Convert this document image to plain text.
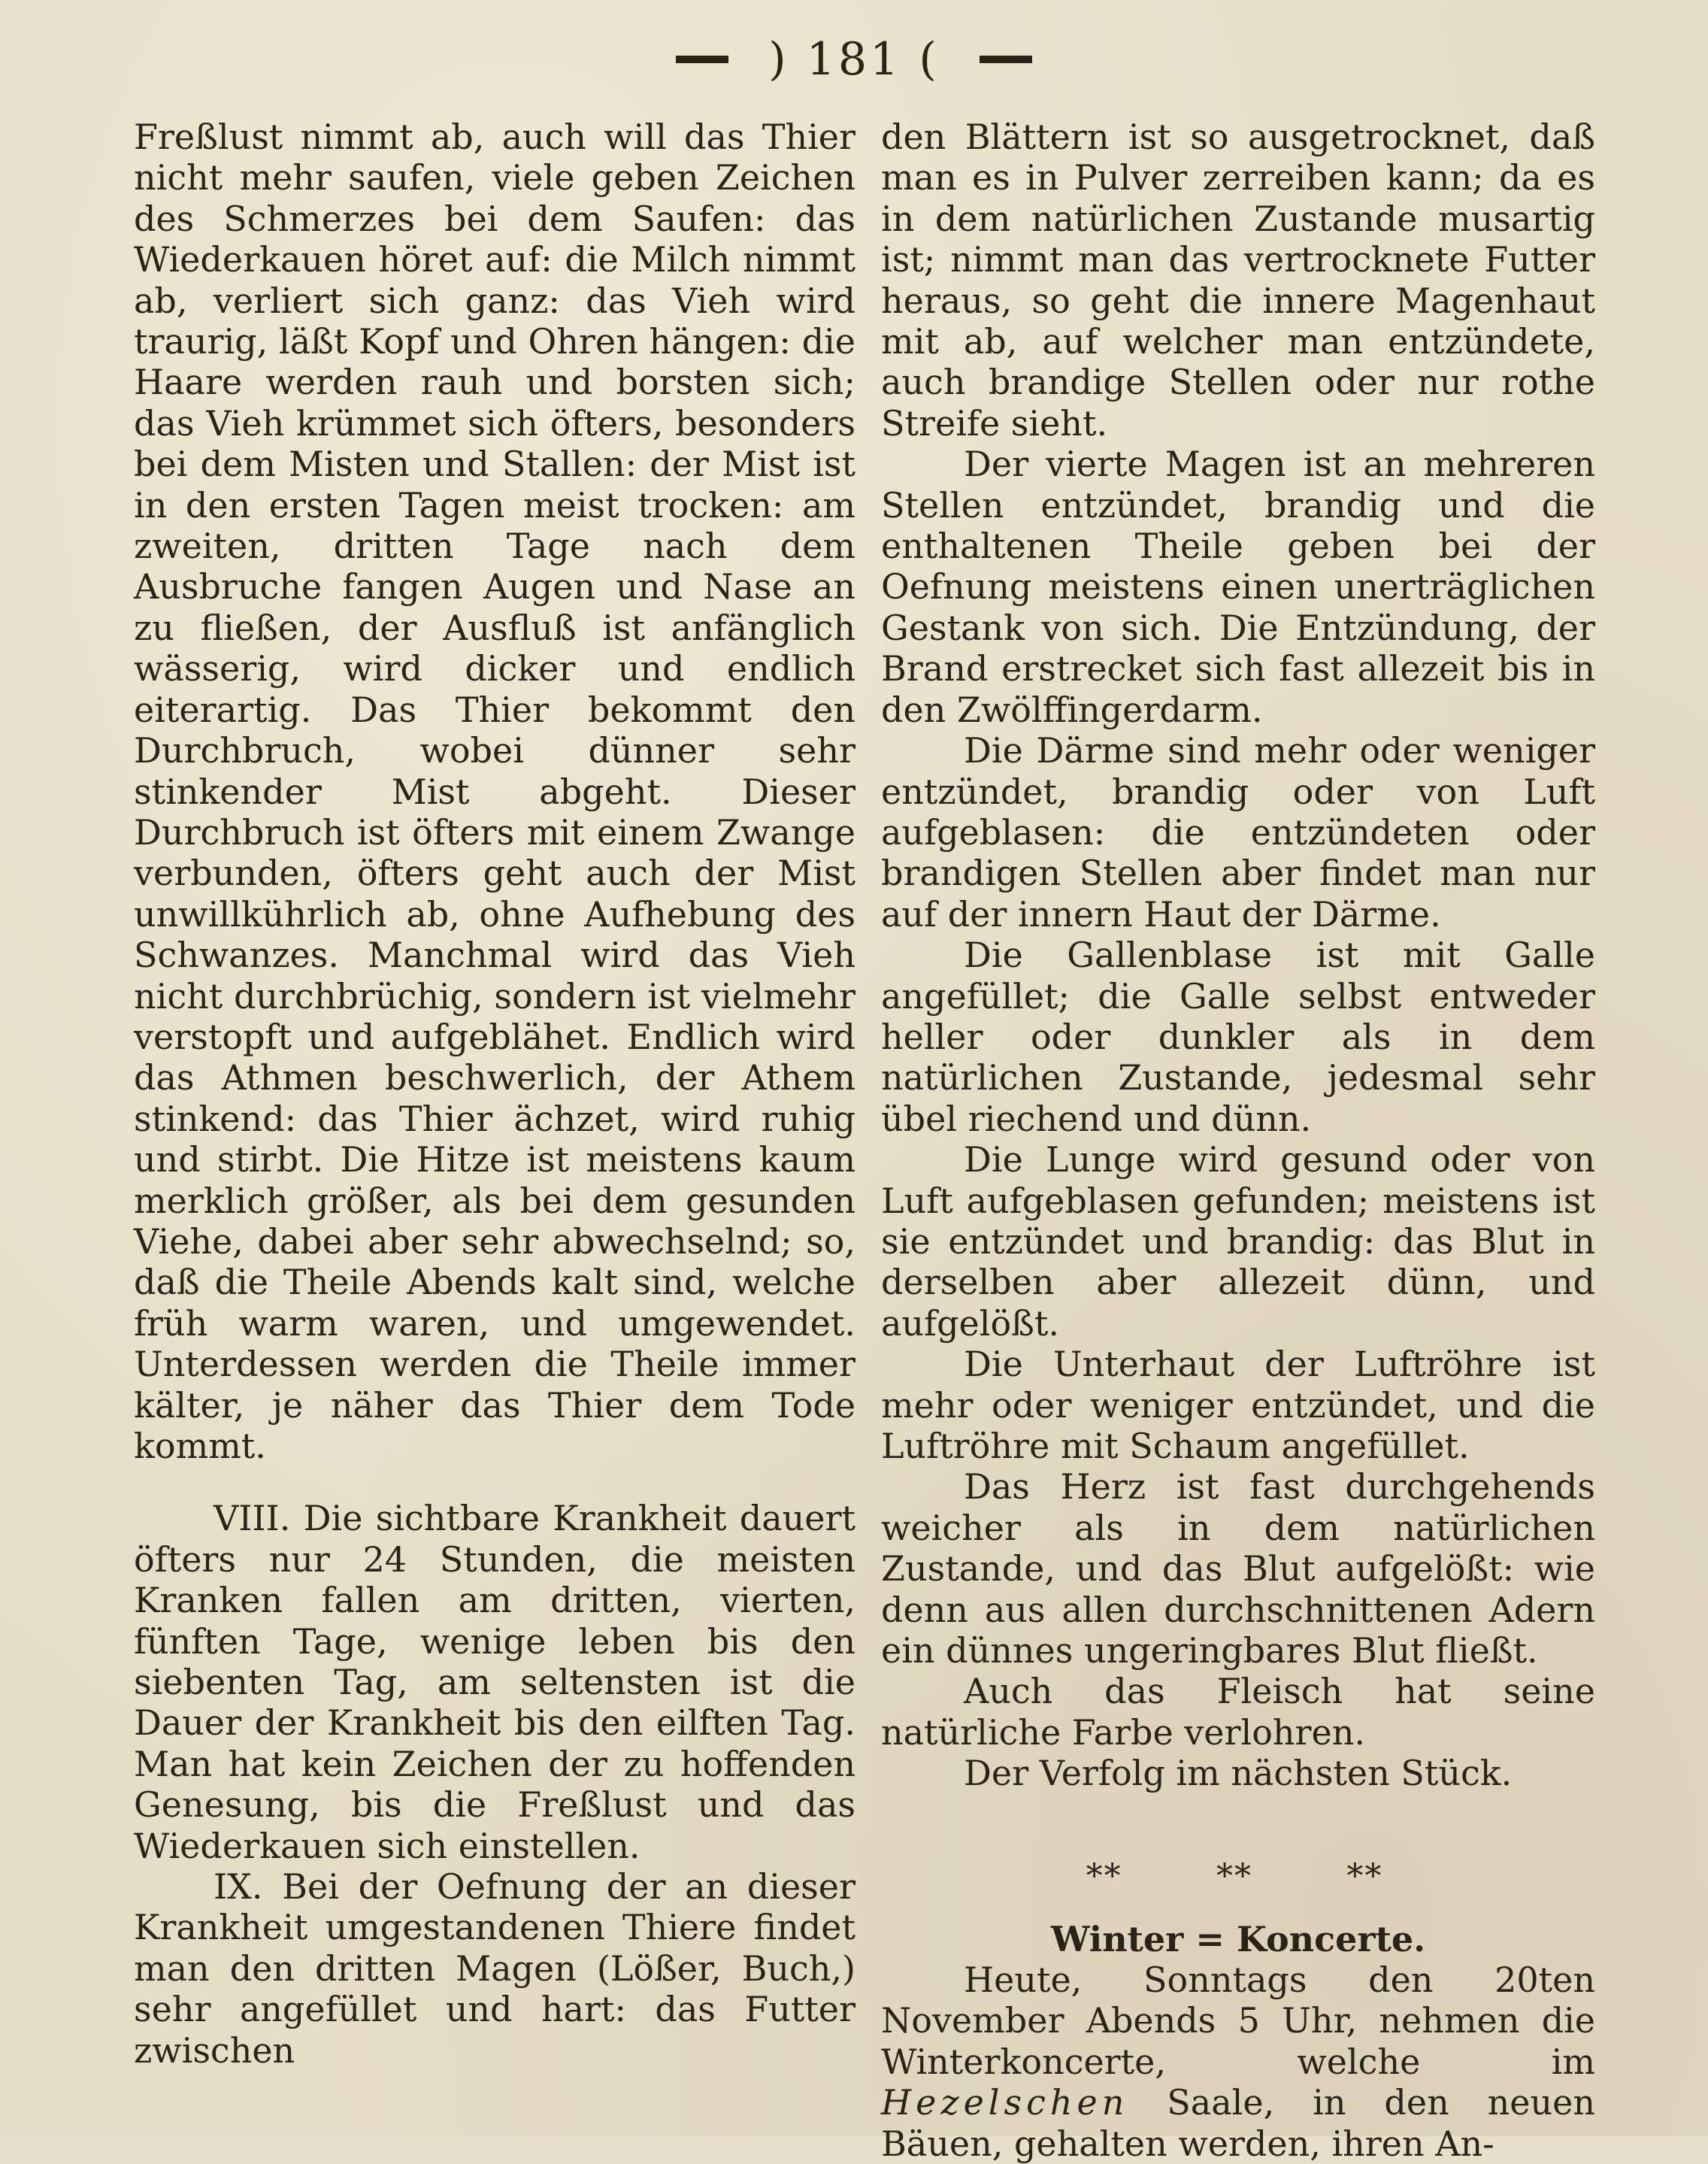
) 181 (

Freßlust nimmt ab, auch will das Thier nicht mehr saufen, viele geben Zeichen des Schmerzes bei dem Saufen: das Wiederkauen höret auf: die Milch nimmt ab, verliert sich ganz: das Vieh wird traurig, läßt Kopf und Ohren hängen: die Haare werden rauh und borsten sich; das Vieh krümmet sich öfters, besonders bei dem Misten und Stallen: der Mist ist in den ersten Tagen meist trocken: am zweiten, dritten Tage nach dem Ausbruche fangen Augen und Nase an zu fließen, der Ausfluß ist anfänglich wässerig, wird dicker und endlich eiterartig. Das Thier bekommt den Durchbruch, wobei dünner sehr stinkender Mist abgeht. Dieser Durchbruch ist öfters mit einem Zwange verbunden, öfters geht auch der Mist unwillkührlich ab, ohne Aufhebung des Schwanzes. Manchmal wird das Vieh nicht durchbrüchig, sondern ist vielmehr verstopft und aufgeblähet. Endlich wird das Athmen beschwerlich, der Athem stinkend: das Thier ächzet, wird ruhig und stirbt. Die Hitze ist meistens kaum merklich größer, als bei dem gesunden Viehe, dabei aber sehr abwechselnd; so, daß die Theile Abends kalt sind, welche früh warm waren, und umgewendet. Unterdessen werden die Theile immer kälter, je näher das Thier dem Tode kommt.

VIII. Die sichtbare Krankheit dauert öfters nur 24 Stunden, die meisten Kranken fallen am dritten, vierten, fünften Tage, wenige leben bis den siebenten Tag, am seltensten ist die Dauer der Krankheit bis den eilften Tag. Man hat kein Zeichen der zu hoffenden Genesung, bis die Freßlust und das Wiederkauen sich einstellen.

IX. Bei der Oefnung der an dieser Krankheit umgestandenen Thiere findet man den dritten Magen (Lößer, Buch,) sehr angefüllet und hart: das Futter zwischen

den Blättern ist so ausgetrocknet, daß man es in Pulver zerreiben kann; da es in dem natürlichen Zustande musartig ist; nimmt man das vertrocknete Futter heraus, so geht die innere Magenhaut mit ab, auf welcher man entzündete, auch brandige Stellen oder nur rothe Streife sieht.

Der vierte Magen ist an mehreren Stellen entzündet, brandig und die enthaltenen Theile geben bei der Oefnung meistens einen unerträglichen Gestank von sich. Die Entzündung, der Brand erstrecket sich fast allezeit bis in den Zwölffingerdarm.

Die Därme sind mehr oder weniger entzündet, brandig oder von Luft aufgeblasen: die entzündeten oder brandigen Stellen aber findet man nur auf der innern Haut der Därme.

Die Gallenblase ist mit Galle angefüllet; die Galle selbst entweder heller oder dunkler als in dem natürlichen Zustande, jedesmal sehr übel riechend und dünn.

Die Lunge wird gesund oder von Luft aufgeblasen gefunden; meistens ist sie entzündet und brandig: das Blut in derselben aber allezeit dünn, und aufgelößt.

Die Unterhaut der Luftröhre ist mehr oder weniger entzündet, und die Luftröhre mit Schaum angefüllet.

Das Herz ist fast durchgehends weicher als in dem natürlichen Zustande, und das Blut aufgelößt: wie denn aus allen durchschnittenen Adern ein dünnes ungeringbares Blut fließt.

Auch das Fleisch hat seine natürliche Farbe verlohren.

Der Verfolg im nächsten Stück.

**	**	**
Winter = Koncerte.

Heute, Sonntags den 20ten November Abends 5 Uhr, nehmen die Winterkoncerte, welche im Hezelschen Saale, in den neuen Bäuen, gehalten werden, ihren An-
